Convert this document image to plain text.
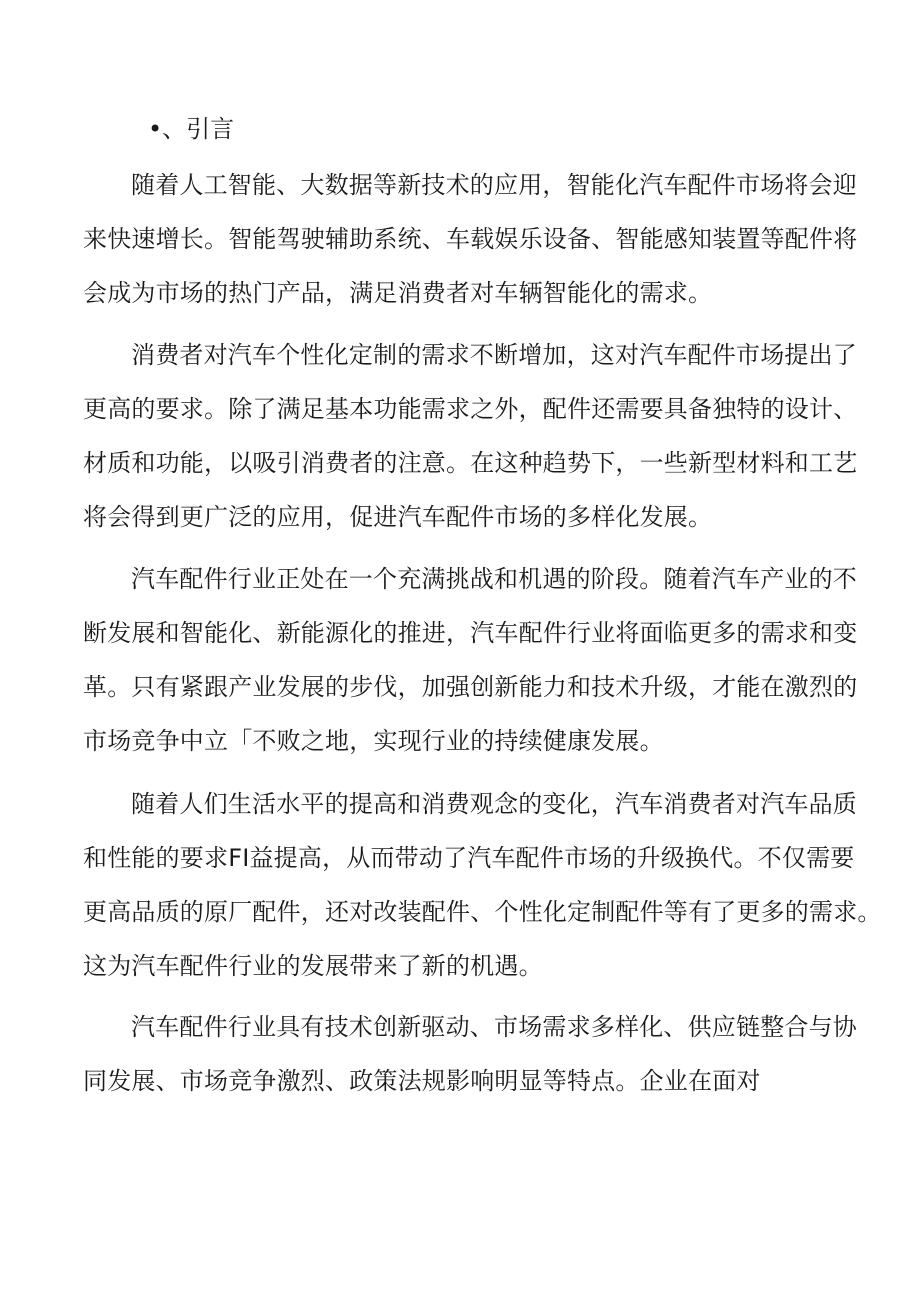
•、引言
随着人工智能、大数据等新技术的应用，智能化汽车配件市场将会迎
来快速增长。智能驾驶辅助系统、车载娱乐设备、智能感知装置等配件将
会成为市场的热门产品，满足消费者对车辆智能化的需求。
消费者对汽车个性化定制的需求不断增加，这对汽车配件市场提出了
更高的要求。除了满足基本功能需求之外，配件还需要具备独特的设计、
材质和功能，以吸引消费者的注意。在这种趋势下，一些新型材料和工艺
将会得到更广泛的应用，促进汽车配件市场的多样化发展。
汽车配件行业正处在一个充满挑战和机遇的阶段。随着汽车产业的不
断发展和智能化、新能源化的推进，汽车配件行业将面临更多的需求和变
革。只有紧跟产业发展的步伐，加强创新能力和技术升级，才能在激烈的
市场竞争中立「不败之地，实现行业的持续健康发展。
随着人们生活水平的提高和消费观念的变化，汽车消费者对汽车品质
和性能的要求FI益提高，从而带动了汽车配件市场的升级换代。不仅需要
更高品质的原厂配件，还对改装配件、个性化定制配件等有了更多的需求。
这为汽车配件行业的发展带来了新的机遇。
汽车配件行业具有技术创新驱动、市场需求多样化、供应链整合与协
同发展、市场竞争激烈、政策法规影响明显等特点。企业在面对
